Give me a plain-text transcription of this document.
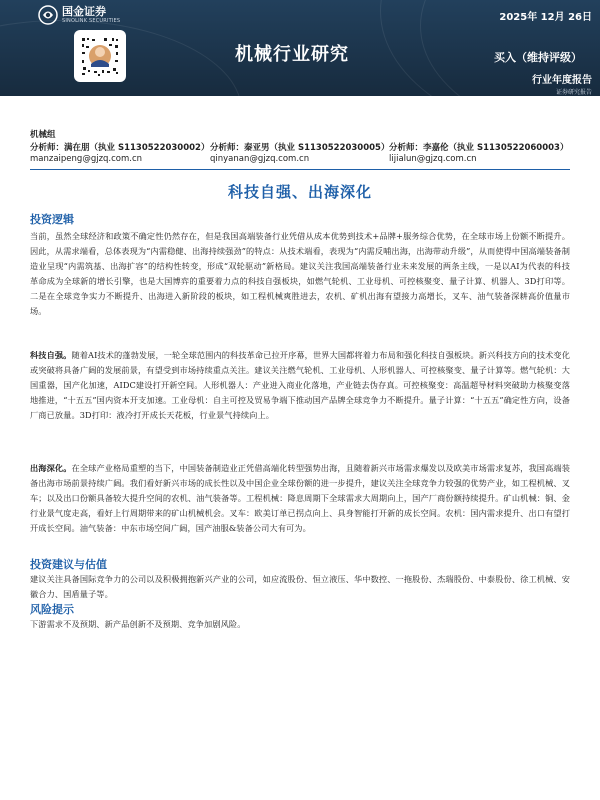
国金证券
SINOLINK SECURITIES	2025年 12月 26日
机械行业研究	买入（维持评级）
行业年度报告
证券研究报告
机械组
分析师：满在朋（执业 S1130522030002） 分析师：秦亚男（执业 S1130522030005） 分析师：李嘉伦（执业 S1130522060003）
manzaipeng@gjzq.com.cn	qinyanan@gjzq.com.cn	lijialun@gjzq.com.cn
科技自强、出海深化
投资逻辑
当前，虽然全球经济和政策不确定性仍然存在，但是我国高端装备行业凭借从成本优势到技术+品牌+服务综合优势，在全球市场上份额不断提升。因此，从需求端看，总体表现为“内需稳健、出海持续强劲”的特点：从技术端看，表现为“内需反哺出海，出海带动升级”，从而使得中国高端装备制造业呈现“内需筑基、出海扩容”的结构性转变，形成“双轮驱动”新格局。建议关注我国高端装备行业未来发展的两条主线，一是以AI为代表的科技革命成为全球新的增长引擎，也是大国博弈的重要着力点的科技自强板块，如燃气轮机、工业母机、可控核聚变、量子计算、机器人、3D打印等。二是在全球竞争实力不断提升、出海进入新阶段的板块，如工程机械爽胜进去，农机、矿机出海有望接力高增长，叉车、油气装备深耕高价值量市场。
科技自强。随着AI技术的蓬勃发展，一轮全球范围内的科技革命已拉开序幕，世界大国都将着力布局和强化科技自强板块。新兴科技方向的技术变化或突破将具备广阔的发展前景，有望受到市场持续重点关注。建议关注燃气轮机、工业母机、人形机器人、可控核聚变、量子计算等。燃气轮机：大国重器，国产化加速，AIDC建设打开新空间。人形机器人：产业进入商业化落地，产业链去伪存真。可控核聚变：高温超导材料突破助力核聚变落地推进，“十五五”国内资本开支加速。工业母机：自主可控及贸易争端下推动国产品牌全球竞争力不断提升。量子计算：“十五五”确定性方向，设备厂商已放量。3D打印：液冷打开成长天花板，行业景气持续向上。
出海深化。在全球产业格局重塑的当下，中国装备制造业正凭借高端化转型强势出海，且随着新兴市场需求爆发以及欧美市场需求复苏，我国高端装备出海市场前景持续广阔。我们看好新兴市场的成长性以及中国企业全球份额的进一步提升，建议关注全球竞争力较强的优势产业，如工程机械、叉车；以及出口份额具备较大提升空间的农机、油气装备等。工程机械：降息周期下全球需求大周期向上，国产厂商份额持续提升。矿山机械：铜、金行业景气度走高，看好上行周期带来的矿山机械机会。叉车：欧美订单已拐点向上、具身智能打开新的成长空间。农机：国内需求提升、出口有望打开成长空间。油气装备：中东市场空间广阔，国产油服&装备公司大有可为。
投资建议与估值
建议关注具备国际竞争力的公司以及积极拥抱新兴产业的公司，如应流股份、恒立液压、华中数控、一拖股份、杰瑞股份、中泰股份、徐工机械、安徽合力、国盾量子等。
风险提示
下游需求不及预期、新产品创新不及预期、竞争加剧风险。
